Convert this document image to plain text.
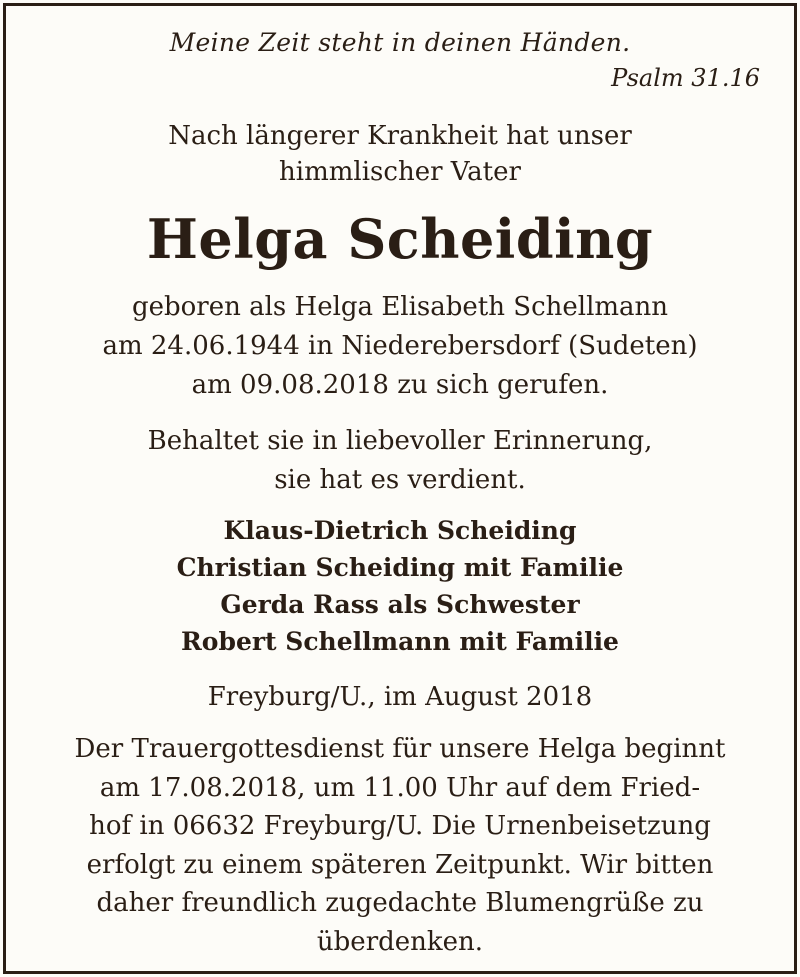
Meine Zeit steht in deinen Händen.
Psalm 31.16
Nach längerer Krankheit hat unser
himmlischer Vater
Helga Scheiding
geboren als Helga Elisabeth Schellmann
am 24.06.1944 in Niederebersdorf (Sudeten)
am 09.08.2018 zu sich gerufen.
Behaltet sie in liebevoller Erinnerung,
sie hat es verdient.
Klaus-Dietrich Scheiding
Christian Scheiding mit Familie
Gerda Rass als Schwester
Robert Schellmann mit Familie
Freyburg/U., im August 2018
Der Trauergottesdienst für unsere Helga beginnt
am 17.08.2018, um 11.00 Uhr auf dem Fried-
hof in 06632 Freyburg/U. Die Urnenbeisetzung
erfolgt zu einem späteren Zeitpunkt. Wir bitten
daher freundlich zugedachte Blumengrüße zu
überdenken.
